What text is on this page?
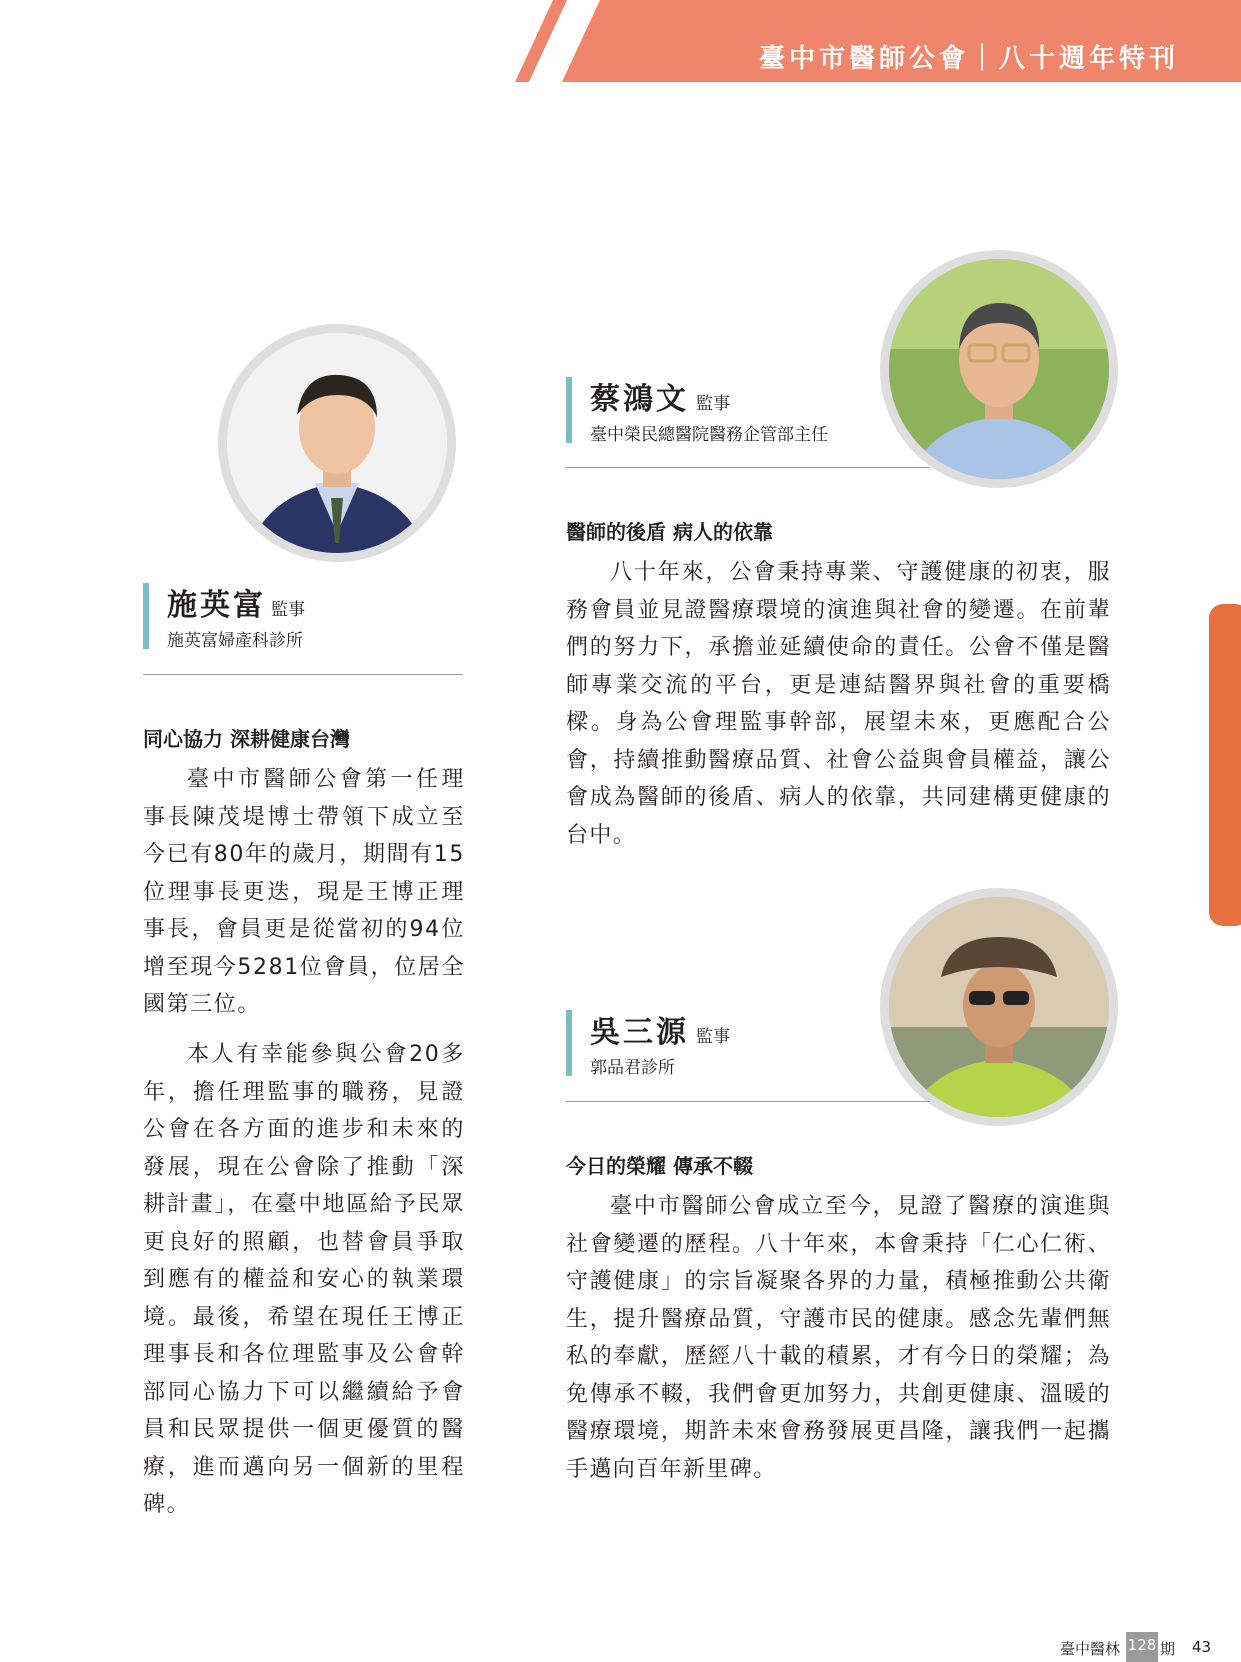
臺中市醫師公會｜八十週年特刊
施英富 監事
施英富婦產科診所
同心協力 深耕健康台灣

臺中市醫師公會第一任理事長陳茂堤博士帶領下成立至今已有80年的歲月，期間有15位理事長更迭，現是王博正理事長，會員更是從當初的94位增至現今5281位會員，位居全國第三位。

本人有幸能參與公會20多年，擔任理監事的職務，見證公會在各方面的進步和未來的發展，現在公會除了推動「深耕計畫」，在臺中地區給予民眾更良好的照顧，也替會員爭取到應有的權益和安心的執業環境。最後，希望在現任王博正理事長和各位理監事及公會幹部同心協力下可以繼續給予會員和民眾提供一個更優質的醫療，進而邁向另一個新的里程碑。

蔡鴻文 監事
臺中榮民總醫院醫務企管部主任
醫師的後盾 病人的依靠

八十年來，公會秉持專業、守護健康的初衷，服務會員並見證醫療環境的演進與社會的變遷。在前輩們的努力下，承擔並延續使命的責任。公會不僅是醫師專業交流的平台，更是連結醫界與社會的重要橋樑。身為公會理監事幹部，展望未來，更應配合公會，持續推動醫療品質、社會公益與會員權益，讓公會成為醫師的後盾、病人的依靠，共同建構更健康的台中。

吳三源 監事
郭品君診所
今日的榮耀 傳承不輟

臺中市醫師公會成立至今，見證了醫療的演進與社會變遷的歷程。八十年來，本會秉持「仁心仁術、守護健康」的宗旨凝聚各界的力量，積極推動公共衛生，提升醫療品質，守護市民的健康。感念先輩們無私的奉獻，歷經八十載的積累，才有今日的榮耀；為免傳承不輟，我們會更加努力，共創更健康、溫暖的醫療環境，期許未來會務發展更昌隆，讓我們一起攜手邁向百年新里碑。

臺中醫林 128 期 43
